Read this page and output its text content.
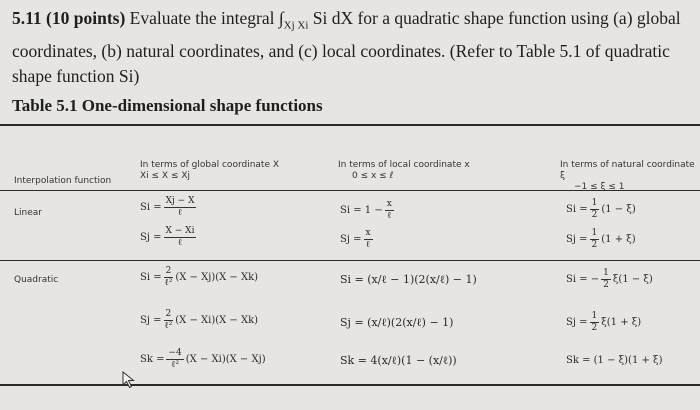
5.11 (10 points) Evaluate the integral $\int_{Xj Xi}$ Si dX for a quadratic shape function using (a) global
coordinates, (b) natural coordinates, and (c) local coordinates. (Refer to Table 5.1 of quadratic
shape function Si)
Table 5.1 One-dimensional shape functions
Interpolation function
In terms of global coordinate X
Xi ≤ X ≤ Xj
In terms of local coordinate x
0 ≤ x ≤ ℓ
In terms of natural coordinate ξ
−1 ≤ ξ ≤ 1
Linear
Quadratic
$Si = \frac{Xj - X}{\text{ℓ}}$
$Sj = \frac{X - Xi}{\text{ℓ}}$
$Si = 1 - \frac{x}{\text{ℓ}}$
$Sj = \frac{x}{\text{ℓ}}$
$Si = \frac{1}{2} (1 - \xi)$
$Sj = \frac{1}{2} (1 + \xi)$
$Si = \frac{2}{\text{ℓ²}} (X - Xj)(X - Xk)$
$Sj = \frac{2}{\text{ℓ²}} (X - Xi)(X - Xk)$
$Sk = \frac{-4}{\text{ℓ²}} (X - Xi)(X - Xj)$
Si = (x/ℓ − 1)(2(x/ℓ) − 1)
Sj = (x/ℓ)(2(x/ℓ) − 1)
Sk = 4(x/ℓ)(1 − (x/ℓ))
Si = − $\frac{1}{2} \xi(1 - \xi)$
$Sj = \frac{1}{2} \xi(1 + \xi)$
Sk = (1 − ξ)(1 + ξ)
